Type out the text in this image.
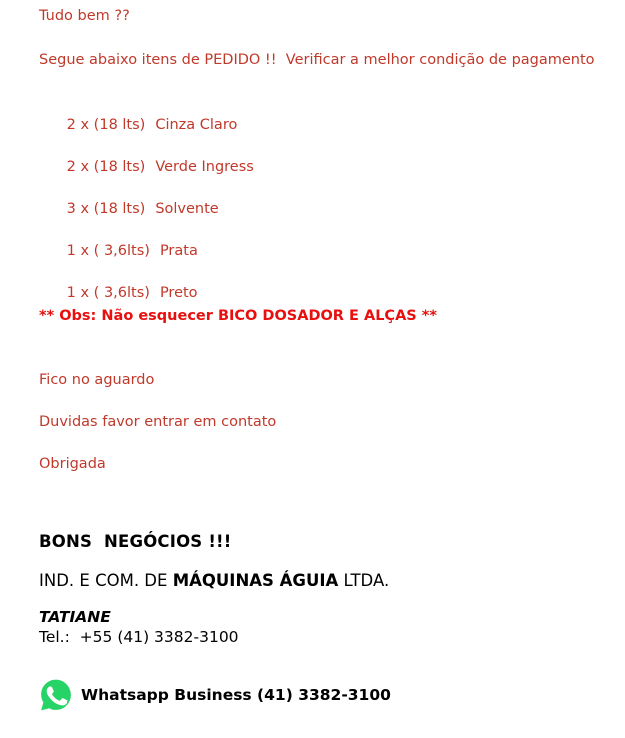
Tudo bem ??
Segue abaixo itens de PEDIDO !!  Verificar a melhor condição de pagamento

2 x (18 lts) Cinza Claro

2 x (18 lts) Verde Ingress

3 x (18 lts) Solvente

1 x ( 3,6lts) Prata

1 x ( 3,6lts) Preto

** Obs: Não esquecer BICO DOSADOR E ALÇAS **
Fico no aguardo
Duvidas favor entrar em contato
Obrigada
BONS  NEGÓCIOS !!!
IND. E COM. DE MÁQUINAS ÁGUIA LTDA.
TATIANE
Tel.:  +55 (41) 3382-3100
Whatsapp Business (41) 3382-3100
